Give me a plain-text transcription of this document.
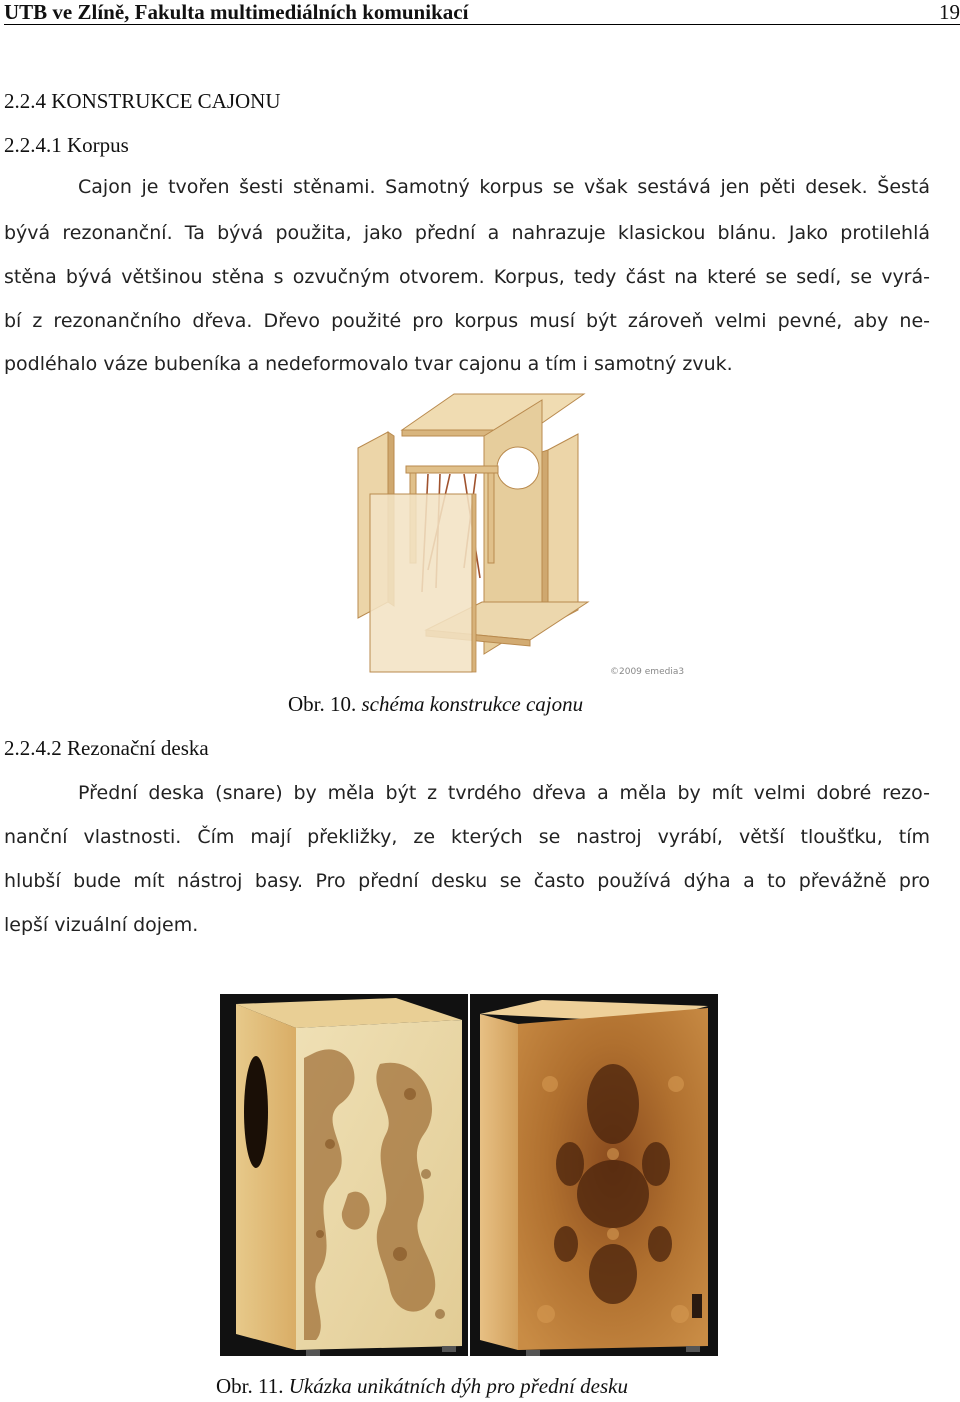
UTB ve Zlíně, Fakulta multimediálních komunikací	19
2.2.4 KONSTRUKCE CAJONU
2.2.4.1 Korpus
Cajon je tvořen šesti stěnami. Samotný korpus se však sestává jen pěti desek. Šestá
bývá rezonanční. Ta bývá použita, jako přední a nahrazuje klasickou blánu. Jako protilehlá
stěna bývá většinou stěna s ozvučným otvorem. Korpus, tedy část na které se sedí, se vyrá-
bí z rezonančního dřeva. Dřevo použité pro korpus musí být zároveň velmi pevné, aby ne-
podléhalo váze bubeníka a nedeformovalo tvar cajonu a tím i samotný zvuk.
©2009 emedia3
Obr. 10. schéma konstrukce cajonu
2.2.4.2 Rezonační deska
Přední deska (snare) by měla být z tvrdého dřeva a měla by mít velmi dobré rezo-
nanční vlastnosti. Čím mají překližky, ze kterých se nastroj vyrábí, větší tloušťku, tím
hlubší bude mít nástroj basy. Pro přední desku se často používá dýha a to převážně pro
lepší vizuální dojem.
Obr. 11. Ukázka unikátních dýh pro přední desku
